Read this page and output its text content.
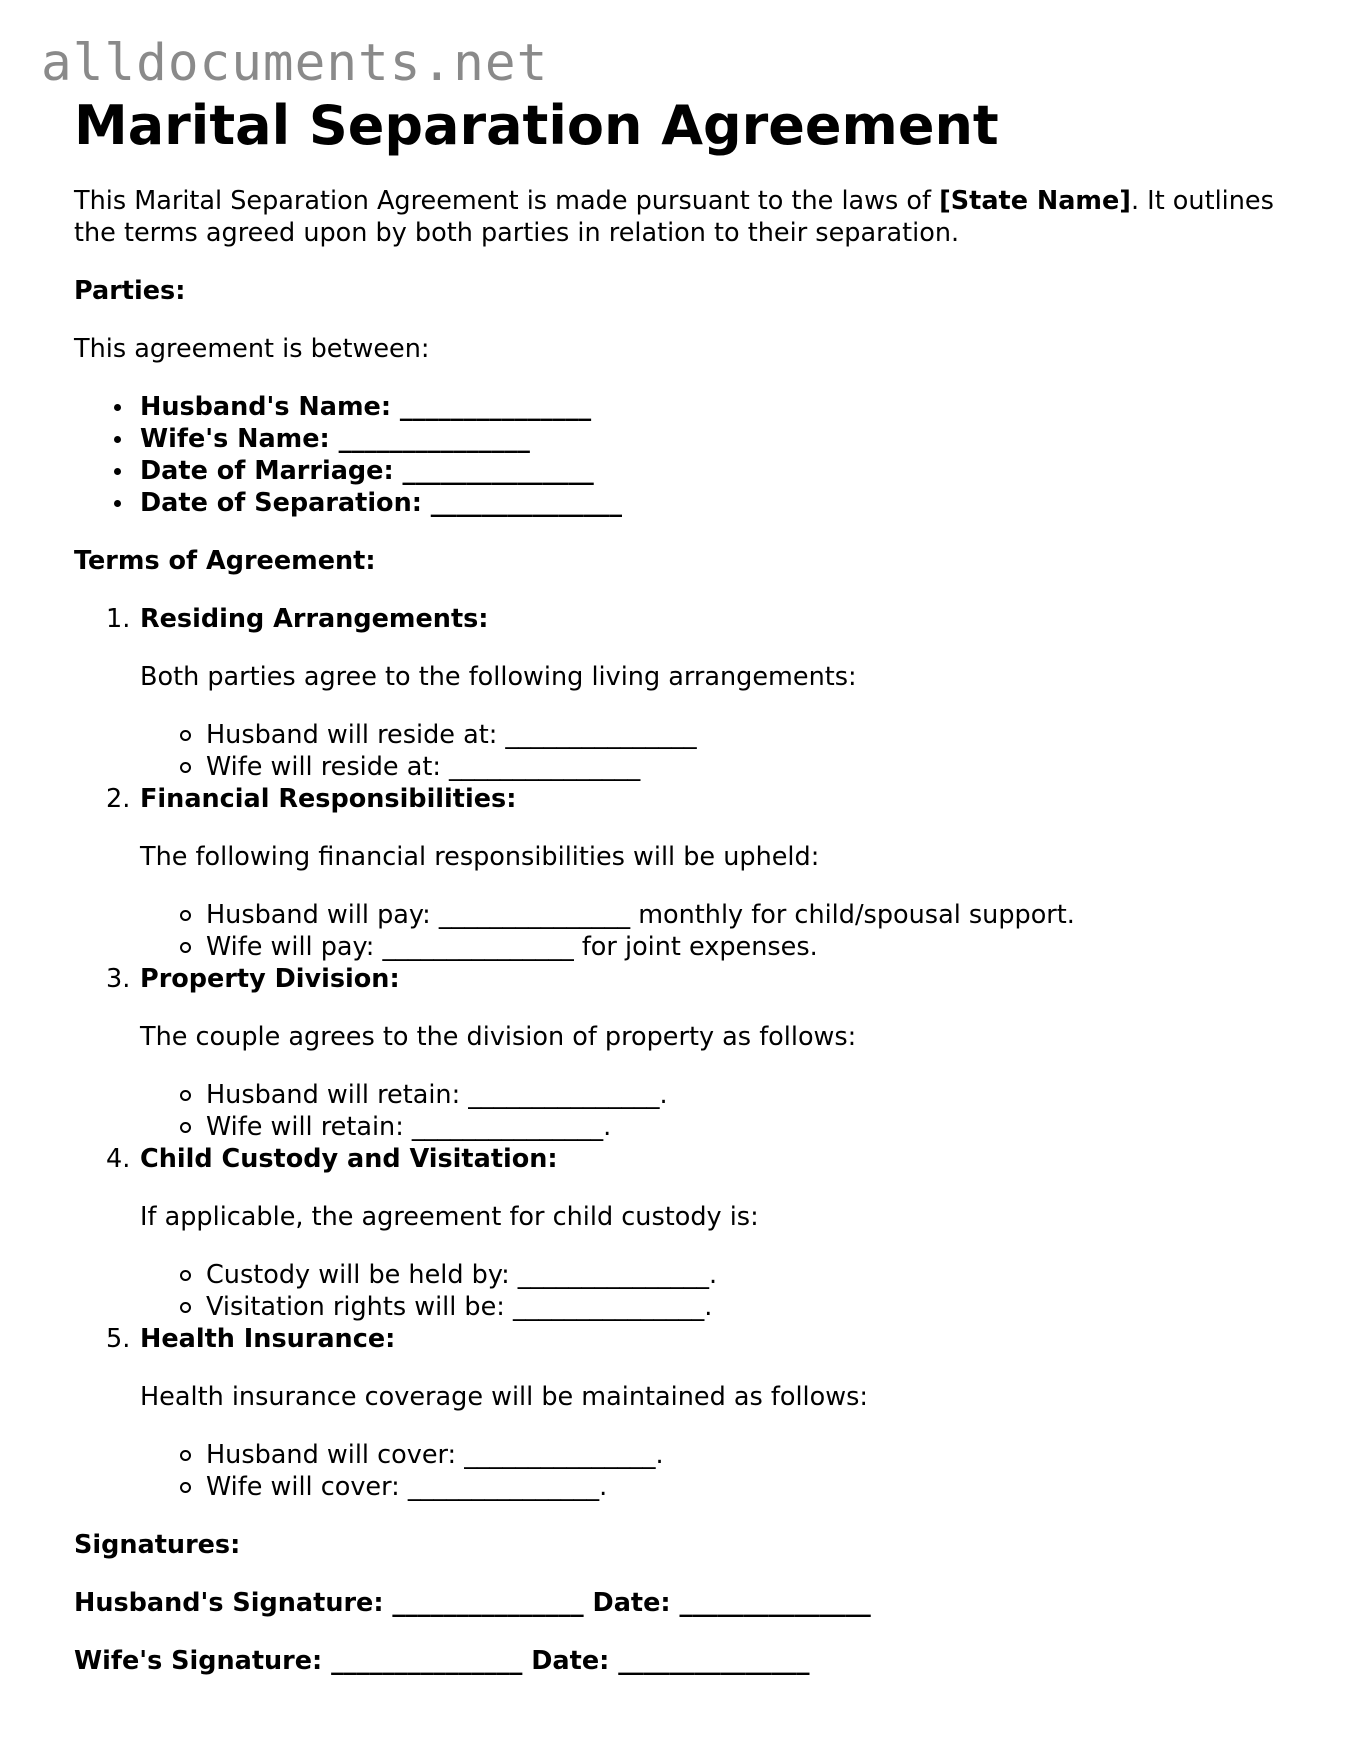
alldocuments.net
Marital Separation Agreement

This Marital Separation Agreement is made pursuant to the laws of [State Name]. It outlines the terms agreed upon by both parties in relation to their separation.

Parties:

This agreement is between:

Husband's Name: _______________
Wife's Name: _______________
Date of Marriage: _______________
Date of Separation: _______________

Terms of Agreement:

1. Residing Arrangements:
Both parties agree to the following living arrangements:
Husband will reside at: _______________
Wife will reside at: _______________
2. Financial Responsibilities:
The following financial responsibilities will be upheld:
Husband will pay: _______________ monthly for child/spousal support.
Wife will pay: _______________ for joint expenses.
3. Property Division:
The couple agrees to the division of property as follows:
Husband will retain: _______________.
Wife will retain: _______________.
4. Child Custody and Visitation:
If applicable, the agreement for child custody is:
Custody will be held by: _______________.
Visitation rights will be: _______________.
5. Health Insurance:
Health insurance coverage will be maintained as follows:
Husband will cover: _______________.
Wife will cover: _______________.

Signatures:

Husband's Signature: _______________ Date: _______________

Wife's Signature: _______________ Date: _______________
